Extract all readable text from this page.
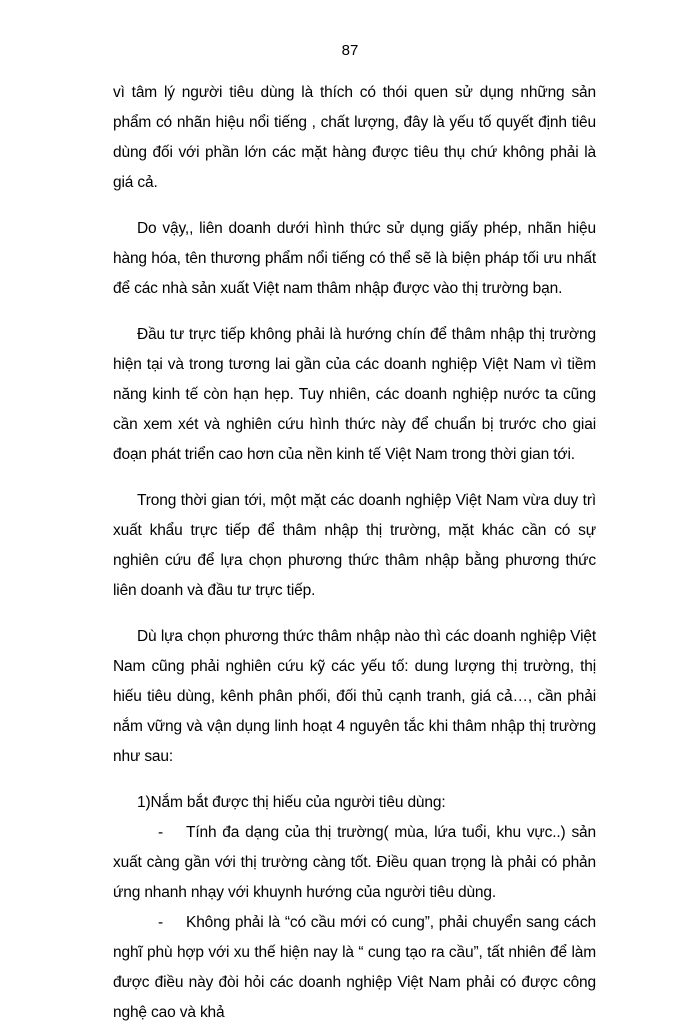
87

vì tâm lý người tiêu dùng là thích có thói quen sử dụng những sản phẩm có nhãn hiệu nổi tiếng , chất lượng, đây là yếu tố quyết định tiêu dùng đối với phần lớn các mặt hàng được tiêu thụ chứ không phải là giá cả.

Do vậy,, liên doanh dưới hình thức sử dụng giấy phép, nhãn hiệu hàng hóa, tên thương phẩm nổi tiếng có thể sẽ là biện pháp tối ưu nhất để các nhà sản xuất Việt nam thâm nhập được vào thị trường bạn.

Đầu tư trực tiếp không phải là hướng chín để thâm nhập thị trường hiện tại và trong tương lai gần của các doanh nghiệp Việt Nam vì tiềm năng kinh tế còn hạn hẹp. Tuy nhiên, các doanh nghiệp nước ta cũng cần xem xét và nghiên cứu hình thức này để chuẩn bị trước cho giai đoạn phát triển cao hơn của nền kinh tế Việt Nam trong thời gian tới.

Trong thời gian tới, một mặt các doanh nghiệp Việt Nam vừa duy trì xuất khẩu trực tiếp để thâm nhập thị trường, mặt khác cần có sự nghiên cứu để lựa chọn phương thức thâm nhập bằng phương thức liên doanh và đầu tư trực tiếp.

Dù lựa chọn phương thức thâm nhập nào thì các doanh nghiệp Việt Nam cũng phải nghiên cứu kỹ các yếu tố: dung lượng thị trường, thị hiếu tiêu dùng, kênh phân phối, đối thủ cạnh tranh, giá cả…, cần phải nắm vững và vận dụng linh hoạt 4 nguyên tắc khi thâm nhập thị trường như sau:

1)Nắm bắt được thị hiếu của người tiêu dùng:

- Tính đa dạng của thị trường( mùa, lứa tuổi, khu vực..) sản xuất càng gần với thị trường càng tốt. Điều quan trọng là phải có phản ứng nhanh nhạy với khuynh hướng của người tiêu dùng.

- Không phải là “có cầu mới có cung”, phải chuyển sang cách nghĩ phù hợp với xu thế hiện nay là “ cung tạo ra cầu”, tất nhiên để làm được điều này đòi hỏi các doanh nghiệp Việt Nam phải có được công nghệ cao và khả
